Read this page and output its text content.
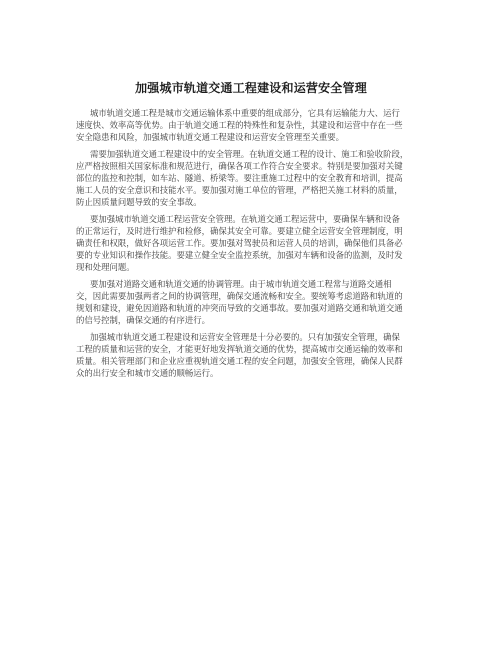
加强城市轨道交通工程建设和运营安全管理

城市轨道交通工程是城市交通运输体系中重要的组成部分，它具有运输能力大、运行
速度快、效率高等优势。由于轨道交通工程的特殊性和复杂性，其建设和运营中存在一些
安全隐患和风险，加强城市轨道交通工程建设和运营安全管理至关重要。

需要加强轨道交通工程建设中的安全管理。在轨道交通工程的设计、施工和验收阶段，
应严格按照相关国家标准和规范进行，确保各项工作符合安全要求。特别是要加强对关键
部位的监控和控制，如车站、隧道、桥梁等。要注重施工过程中的安全教育和培训，提高
施工人员的安全意识和技能水平。要加强对施工单位的管理，严格把关施工材料的质量，
防止因质量问题导致的安全事故。

要加强城市轨道交通工程运营安全管理。在轨道交通工程运营中，要确保车辆和设备
的正常运行，及时进行维护和检修，确保其安全可靠。要建立健全运营安全管理制度，明
确责任和权限，做好各项运营工作。要加强对驾驶员和运营人员的培训，确保他们具备必
要的专业知识和操作技能。要建立健全安全监控系统，加强对车辆和设备的监测，及时发
现和处理问题。

要加强对道路交通和轨道交通的协调管理。由于城市轨道交通工程常与道路交通相
交，因此需要加强两者之间的协调管理，确保交通流畅和安全。要统筹考虑道路和轨道的
规划和建设，避免因道路和轨道的冲突而导致的交通事故。要加强对道路交通和轨道交通
的信号控制，确保交通的有序进行。

加强城市轨道交通工程建设和运营安全管理是十分必要的。只有加强安全管理，确保
工程的质量和运营的安全，才能更好地发挥轨道交通的优势，提高城市交通运输的效率和
质量。相关管理部门和企业应重视轨道交通工程的安全问题，加强安全管理，确保人民群
众的出行安全和城市交通的顺畅运行。
